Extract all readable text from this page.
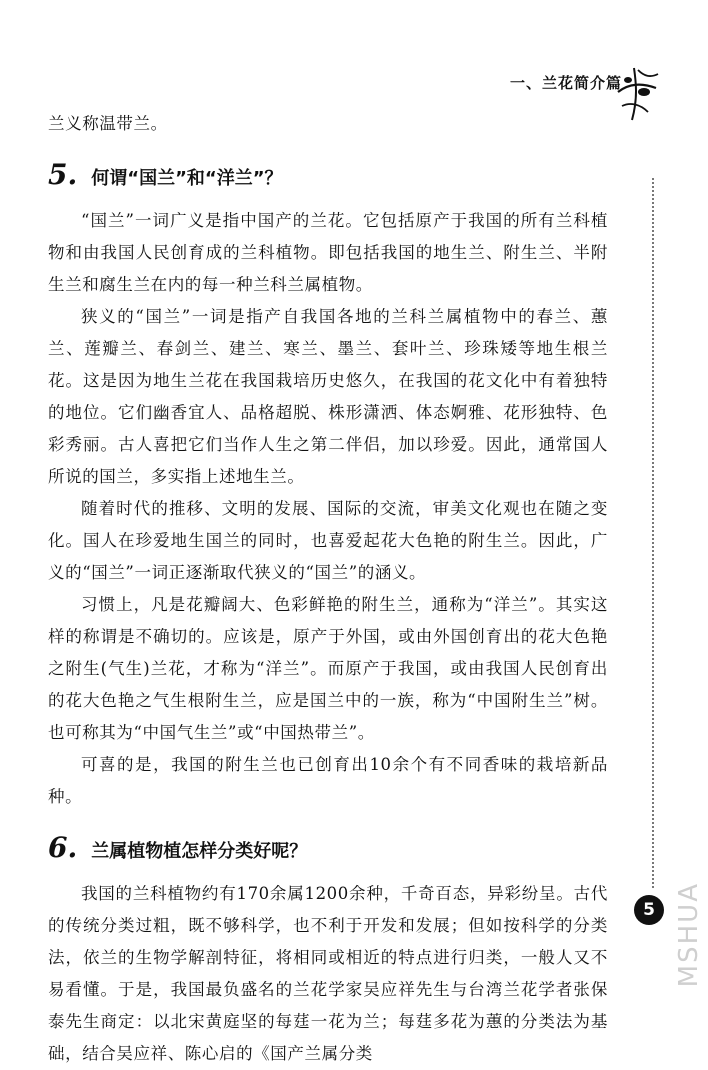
一、兰花简介篇

兰义称温带兰。

5. 何谓“国兰”和“洋兰”？

“国兰”一词广义是指中国产的兰花。它包括原产于我国的所有兰科植物和由我国人民创育成的兰科植物。即包括我国的地生兰、附生兰、半附生兰和腐生兰在内的每一种兰科兰属植物。

狭义的“国兰”一词是指产自我国各地的兰科兰属植物中的春兰、蕙兰、莲瓣兰、春剑兰、建兰、寒兰、墨兰、套叶兰、珍珠矮等地生根兰花。这是因为地生兰花在我国栽培历史悠久，在我国的花文化中有着独特的地位。它们幽香宜人、品格超脱、株形潇洒、体态婀雅、花形独特、色彩秀丽。古人喜把它们当作人生之第二伴侣，加以珍爱。因此，通常国人所说的国兰，多实指上述地生兰。

随着时代的推移、文明的发展、国际的交流，审美文化观也在随之变化。国人在珍爱地生国兰的同时，也喜爱起花大色艳的附生兰。因此，广义的“国兰”一词正逐渐取代狭义的“国兰”的涵义。

习惯上，凡是花瓣阔大、色彩鲜艳的附生兰，通称为“洋兰”。其实这样的称谓是不确切的。应该是，原产于外国，或由外国创育出的花大色艳之附生(气生)兰花，才称为“洋兰”。而原产于我国，或由我国人民创育出的花大色艳之气生根附生兰，应是国兰中的一族，称为“中国附生兰”树。也可称其为“中国气生兰”或“中国热带兰”。

可喜的是，我国的附生兰也已创育出10余个有不同香味的栽培新品种。

6. 兰属植物植怎样分类好呢？

我国的兰科植物约有170余属1200余种，千奇百态，异彩纷呈。古代的传统分类过粗，既不够科学，也不利于开发和发展；但如按科学的分类法，依兰的生物学解剖特征，将相同或相近的特点进行归类，一般人又不易看懂。于是，我国最负盛名的兰花学家吴应祥先生与台湾兰花学者张保泰先生商定：以北宋黄庭坚的每莛一花为兰；每莛多花为蕙的分类法为基础，结合吴应祥、陈心启的《国产兰属分类

5 MSHUA
